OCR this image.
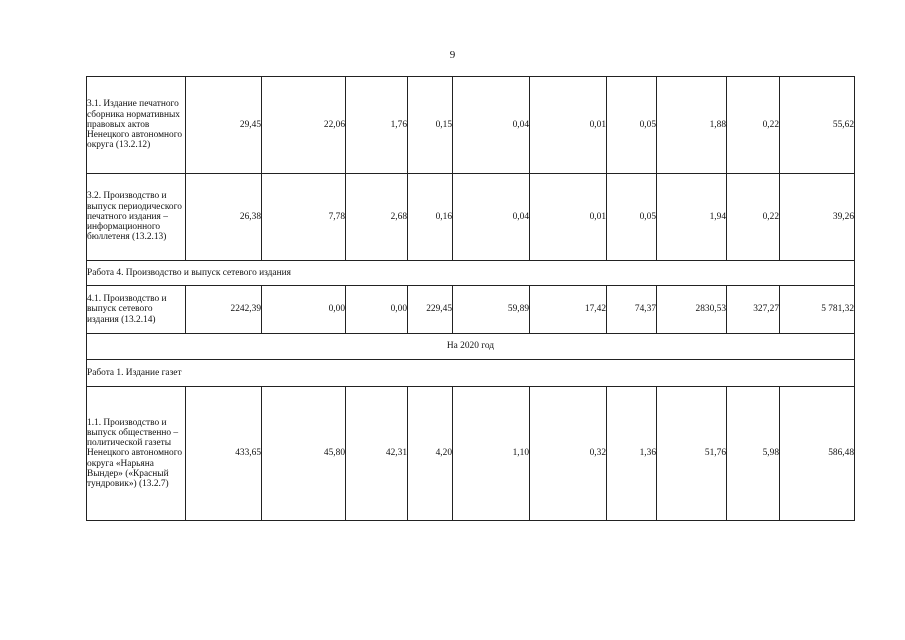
9
3.1. Издание печатного сборника нормативных правовых актов Ненецкого автономного округа (13.2.12)	29,45	22,06	1,76	0,15	0,04	0,01	0,05	1,88	0,22	55,62
3.2. Производство и выпуск периодического печатного издания – информационного бюллетеня (13.2.13)	26,38	7,78	2,68	0,16	0,04	0,01	0,05	1,94	0,22	39,26
Работа 4. Производство и выпуск сетевого издания										
4.1. Производство и выпуск сетевого издания (13.2.14)	2242,39	0,00	0,00	229,45	59,89	17,42	74,37	2830,53	327,27	5 781,32
На 2020 год										
Работа 1. Издание газет										
1.1. Производство и выпуск общественно – политической газеты Ненецкого автономного округа «Нарьяна Вындер» («Красный тундровик») (13.2.7)	433,65	45,80	42,31	4,20	1,10	0,32	1,36	51,76	5,98	586,48
